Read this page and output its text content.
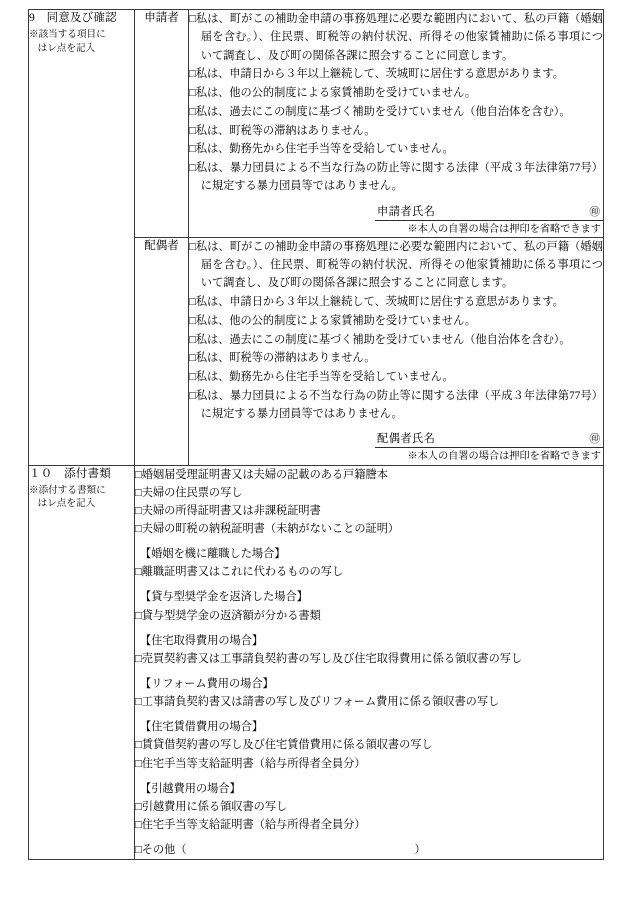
9　 同意及び確認
※該当する項目に
はレ点を記入
	申請者	□私は、町がこの補助金申請の事務処理に必要な範囲内において、私の戸籍（婚姻届を含む。）、住民票、町税等の納付状況、所得その他家賃補助に係る事項について調査し、及び町の関係各課に照会することに同意します。

□私は、申請日から３年以上継続して、茨城町に居住する意思があります。

□私は、他の公的制度による家賃補助を受けていません。

□私は、過去にこの制度に基づく補助を受けていません（他自治体を含む）。

□私は、町税等の滞納はありません。

□私は、勤務先から住宅手当等を受給していません。

□私は、暴力団員による不当な行為の防止等に関する法律（平成３年法律第77号）に規定する暴力団員等ではありません。

申請者氏名	㊞
※本人の自署の場合は押印を省略できます

配偶者	□私は、町がこの補助金申請の事務処理に必要な範囲内において、私の戸籍（婚姻届を含む。）、住民票、町税等の納付状況、所得その他家賃補助に係る事項について調査し、及び町の関係各課に照会することに同意します。

□私は、申請日から３年以上継続して、茨城町に居住する意思があります。

□私は、他の公的制度による家賃補助を受けていません。

□私は、過去にこの制度に基づく補助を受けていません（他自治体を含む）。

□私は、町税等の滞納はありません。

□私は、勤務先から住宅手当等を受給していません。

□私は、暴力団員による不当な行為の防止等に関する法律（平成３年法律第77号）に規定する暴力団員等ではありません。

配偶者氏名	㊞
※本人の自署の場合は押印を省略できます

１０　 添付書類
※添付する書類に
はレ点を記入

□婚姻届受理証明書又は夫婦の記載のある戸籍謄本
□夫婦の住民票の写し
□夫婦の所得証明書又は非課税証明書
□夫婦の町税の納税証明書（未納がないことの証明）
【婚姻を機に離職した場合】
□離職証明書又はこれに代わるものの写し
【貸与型奨学金を返済した場合】
□貸与型奨学金の返済額が分かる書類
【住宅取得費用の場合】
□売買契約書又は工事請負契約書の写し及び住宅取得費用に係る領収書の写し
【リフォーム費用の場合】
□工事請負契約書又は請書の写し及びリフォーム費用に係る領収書の写し
【住宅賃借費用の場合】
□賃貸借契約書の写し及び住宅賃借費用に係る領収書の写し
□住宅手当等支給証明書（給与所得者全員分）
【引越費用の場合】
□引越費用に係る領収書の写し
□住宅手当等支給証明書（給与所得者全員分）
□その他（	）
